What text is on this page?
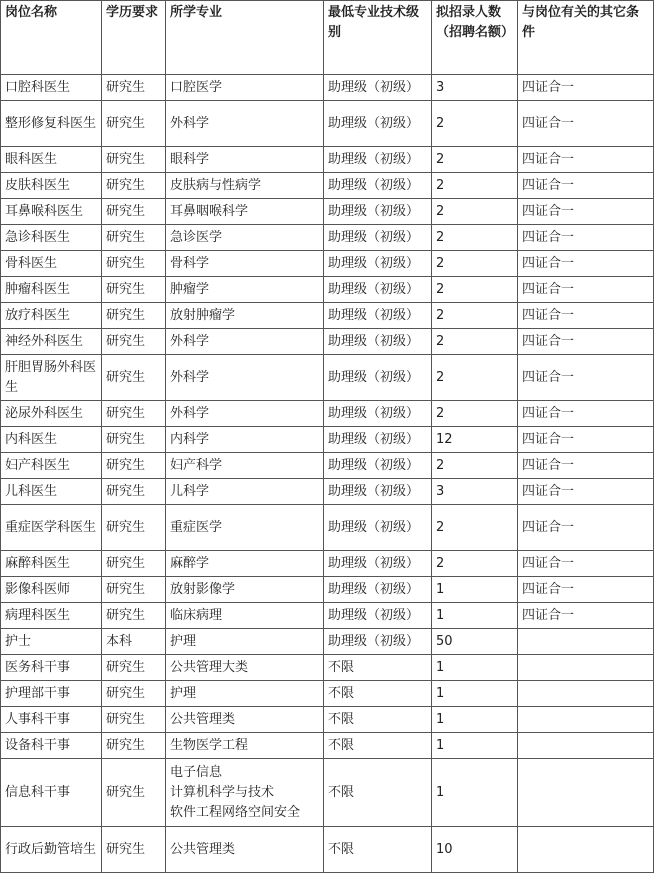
岗位名称	学历要求	所学专业	最低专业技术级别	拟招录人数（招聘名额）	与岗位有关的其它条件
口腔科医生	研究生	口腔医学	助理级（初级）	3	四证合一
整形修复科医生	研究生	外科学	助理级（初级）	2	四证合一
眼科医生	研究生	眼科学	助理级（初级）	2	四证合一
皮肤科医生	研究生	皮肤病与性病学	助理级（初级）	2	四证合一
耳鼻喉科医生	研究生	耳鼻咽喉科学	助理级（初级）	2	四证合一
急诊科医生	研究生	急诊医学	助理级（初级）	2	四证合一
骨科医生	研究生	骨科学	助理级（初级）	2	四证合一
肿瘤科医生	研究生	肿瘤学	助理级（初级）	2	四证合一
放疗科医生	研究生	放射肿瘤学	助理级（初级）	2	四证合一
神经外科医生	研究生	外科学	助理级（初级）	2	四证合一
肝胆胃肠外科医生	研究生	外科学	助理级（初级）	2	四证合一
泌尿外科医生	研究生	外科学	助理级（初级）	2	四证合一
内科医生	研究生	内科学	助理级（初级）	12	四证合一
妇产科医生	研究生	妇产科学	助理级（初级）	2	四证合一
儿科医生	研究生	儿科学	助理级（初级）	3	四证合一
重症医学科医生	研究生	重症医学	助理级（初级）	2	四证合一
麻醉科医生	研究生	麻醉学	助理级（初级）	2	四证合一
影像科医师	研究生	放射影像学	助理级（初级）	1	四证合一
病理科医生	研究生	临床病理	助理级（初级）	1	四证合一
护士	本科	护理	助理级（初级）	50	
医务科干事	研究生	公共管理大类	不限	1	
护理部干事	研究生	护理	不限	1	
人事科干事	研究生	公共管理类	不限	1	
设备科干事	研究生	生物医学工程	不限	1	
信息科干事	研究生	电子信息
计算机科学与技术
软件工程网络空间安全	不限	1	
行政后勤管培生	研究生	公共管理类	不限	10	
